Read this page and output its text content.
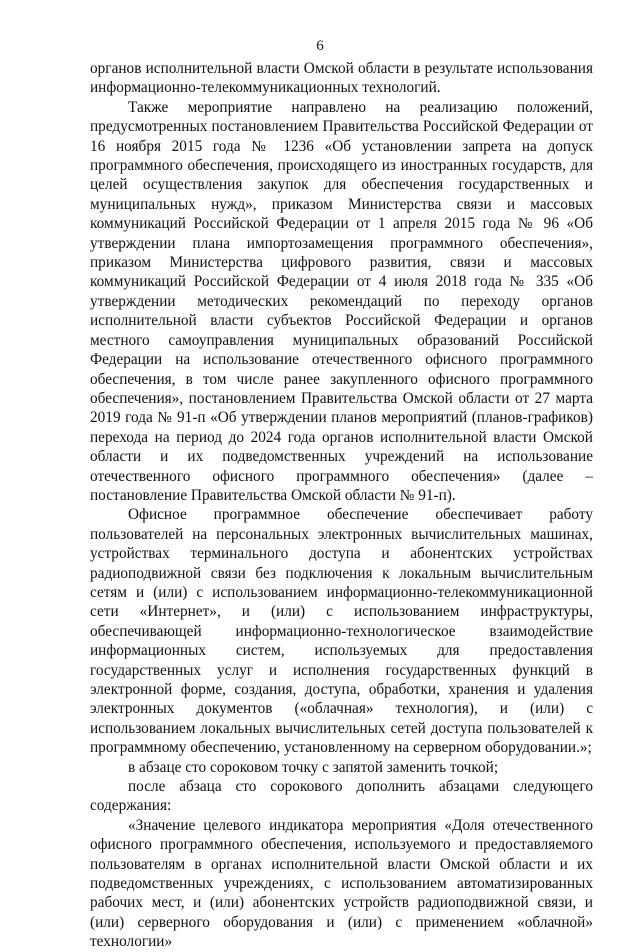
6

органов исполнительной власти Омской области в результате использования информационно-телекоммуникационных технологий.

Также мероприятие направлено на реализацию положений, предусмотренных постановлением Правительства Российской Федерации от 16 ноября 2015 года № 1236 «Об установлении запрета на допуск программного обеспечения, происходящего из иностранных государств, для целей осуществления закупок для обеспечения государственных и муниципальных нужд», приказом Министерства связи и массовых коммуникаций Российской Федерации от 1 апреля 2015 года № 96 «Об утверждении плана импортозамещения программного обеспечения», приказом Министерства цифрового развития, связи и массовых коммуникаций Российской Федерации от 4 июля 2018 года № 335 «Об утверждении методических рекомендаций по переходу органов исполнительной власти субъектов Российской Федерации и органов местного самоуправления муниципальных образований Российской Федерации на использование отечественного офисного программного обеспечения, в том числе ранее закупленного офисного программного обеспечения», постановлением Правительства Омской области от 27 марта 2019 года № 91-п «Об утверждении планов мероприятий (планов-графиков) перехода на период до 2024 года органов исполнительной власти Омской области и их подведомственных учреждений на использование отечественного офисного программного обеспечения» (далее – постановление Правительства Омской области № 91-п).

Офисное программное обеспечение обеспечивает работу пользователей на персональных электронных вычислительных машинах, устройствах терминального доступа и абонентских устройствах радиоподвижной связи без подключения к локальным вычислительным сетям и (или) с использованием информационно-телекоммуникационной сети «Интернет», и (или) с использованием инфраструктуры, обеспечивающей информационно-технологическое взаимодействие информационных систем, используемых для предоставления государственных услуг и исполнения государственных функций в электронной форме, создания, доступа, обработки, хранения и удаления электронных документов («облачная» технология), и (или) с использованием локальных вычислительных сетей доступа пользователей к программному обеспечению, установленному на серверном оборудовании.»;

в абзаце сто сороковом точку с запятой заменить точкой;

после абзаца сто сорокового дополнить абзацами следующего содержания:

«Значение целевого индикатора мероприятия «Доля отечественного офисного программного обеспечения, используемого и предоставляемого пользователям в органах исполнительной власти Омской области и их подведомственных учреждениях, с использованием автоматизированных рабочих мест, и (или) абонентских устройств радиоподвижной связи, и (или) серверного оборудования и (или) с применением «облачной» технологии»
